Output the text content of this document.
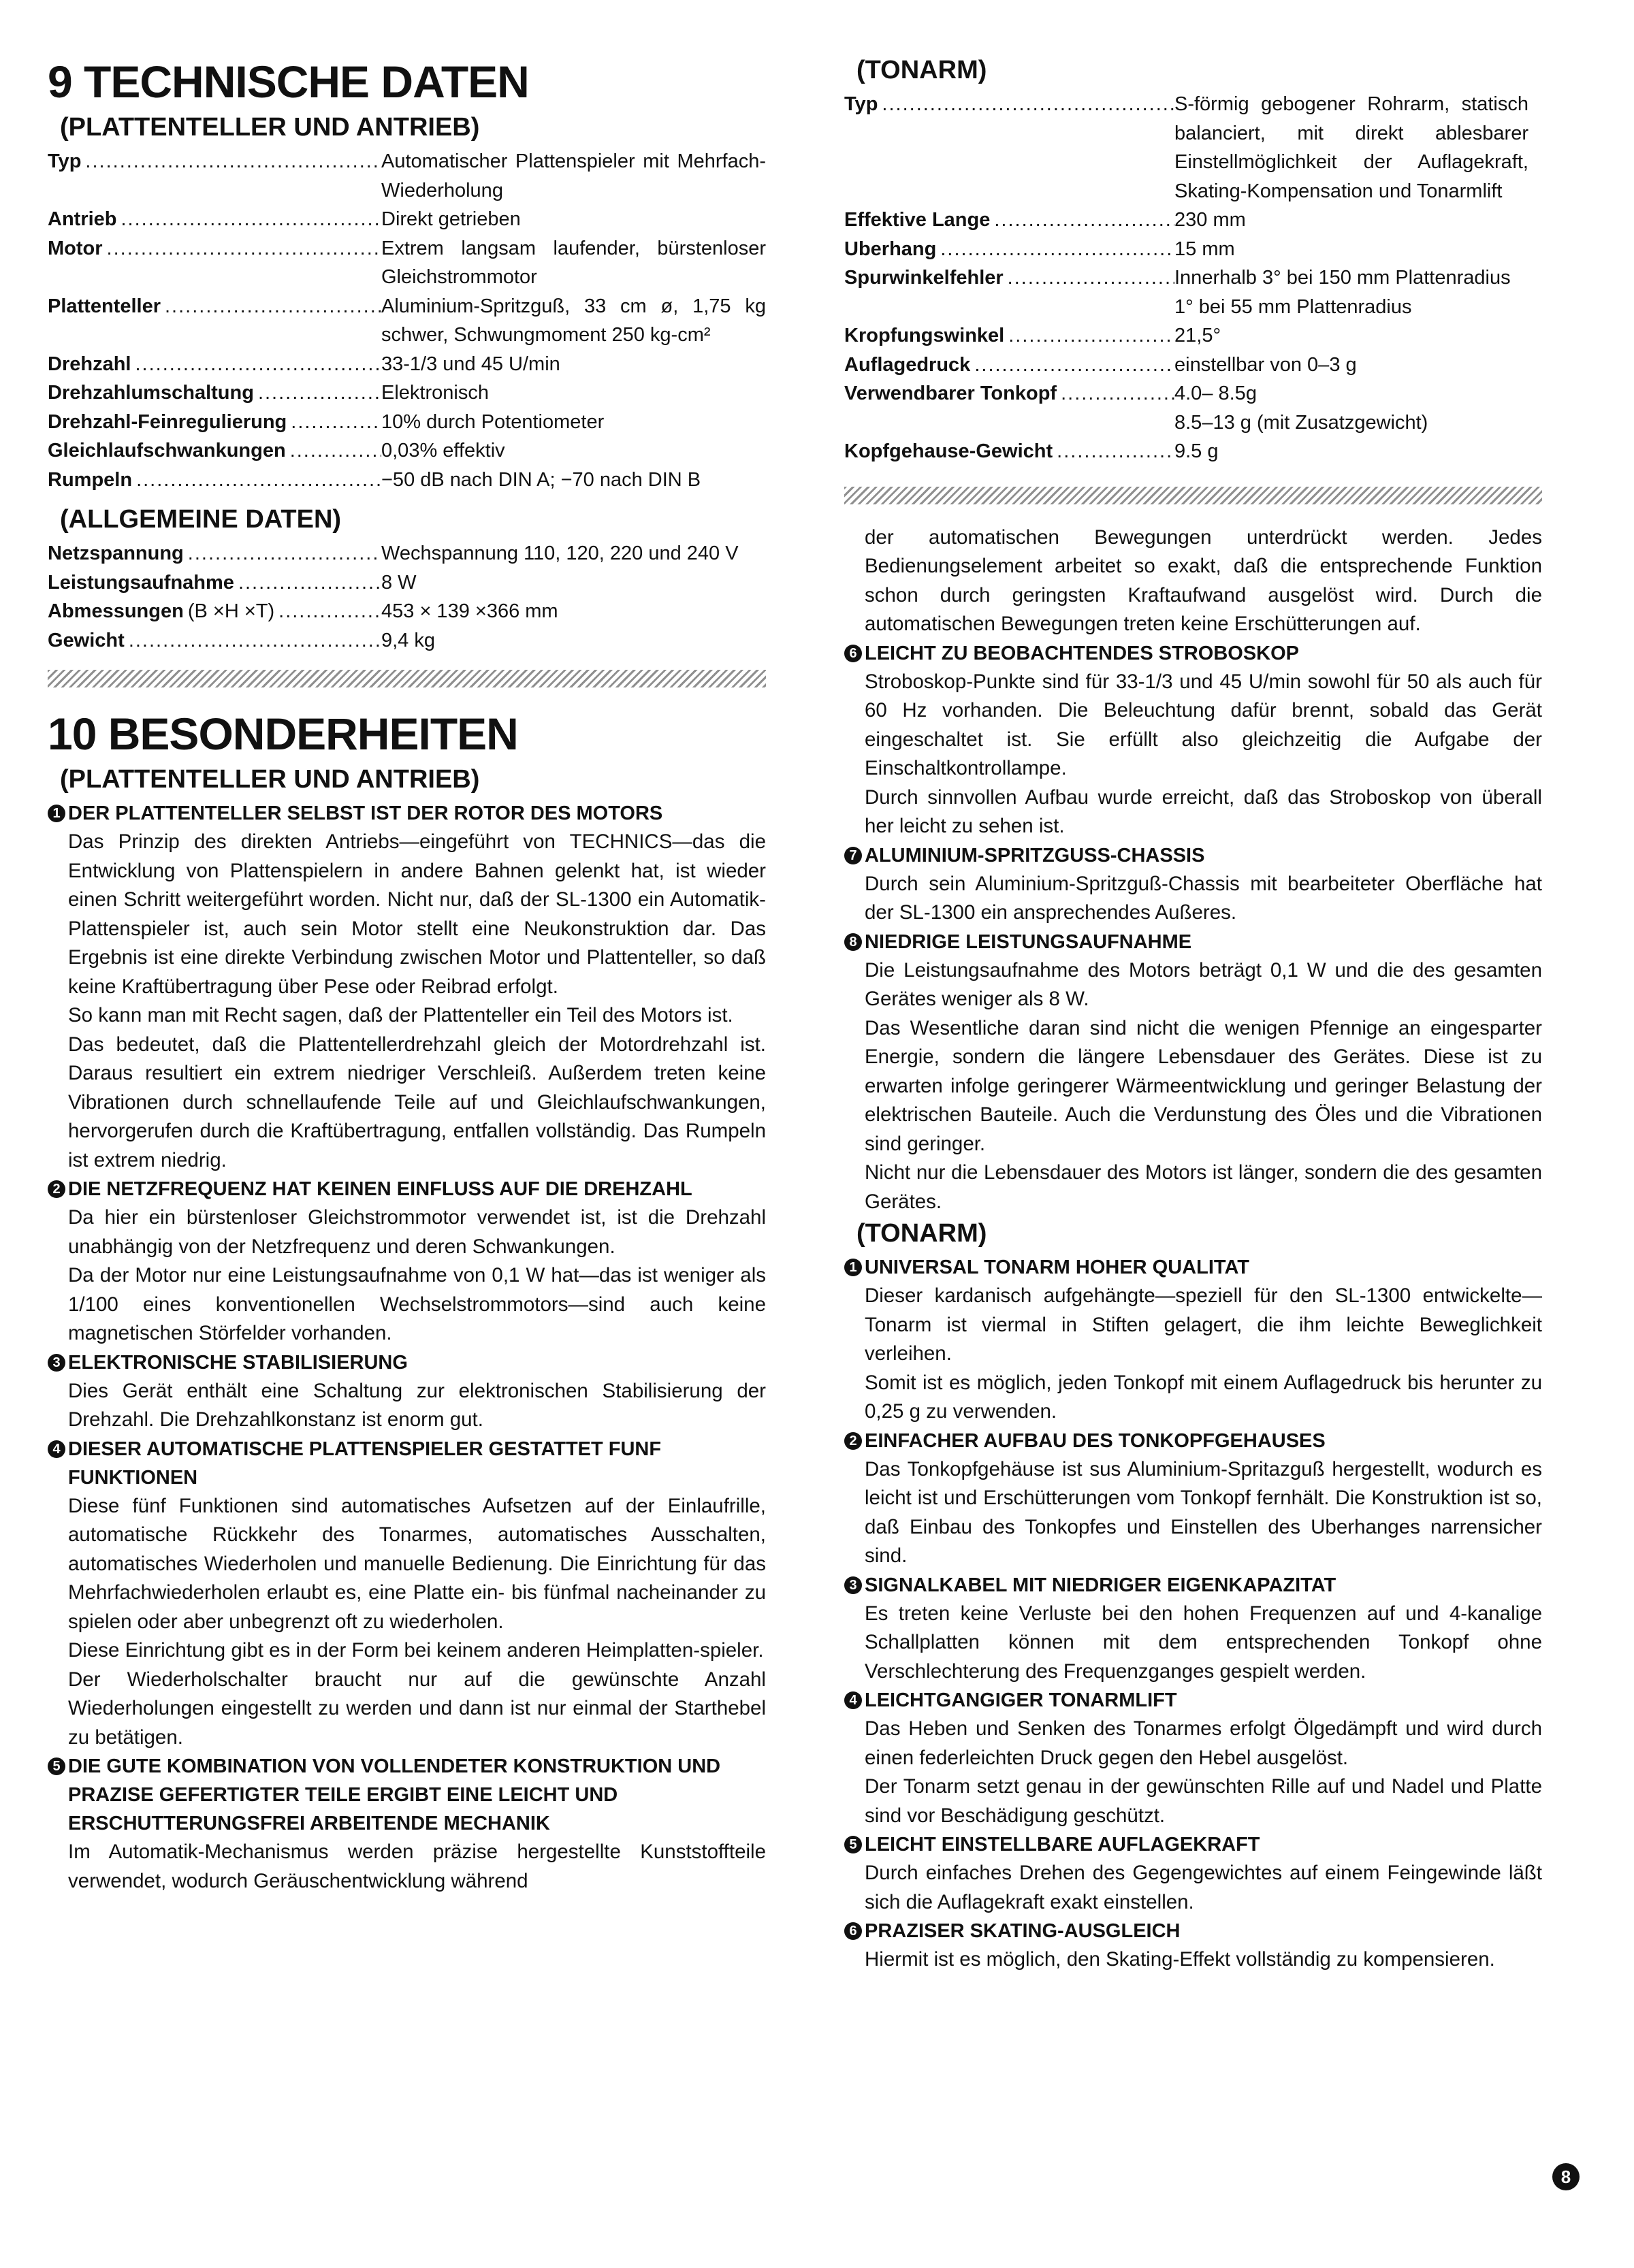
9 TECHNISCHE DATEN
(PLATTENTELLER UND ANTRIEB)
Typ .....	Automatischer Plattenspieler mit Mehrfach-Wiederholung
Antrieb .....	Direkt getrieben
Motor .....	Extrem langsam laufender, bürstenloser Gleichstrommotor
Plattenteller .....	Aluminium-Spritzguß, 33 cm ø, 1,75 kg schwer, Schwungmoment 250 kg-cm²
Drehzahl .....	33-1/3 und 45 U/min
Drehzahlumschaltung .....	Elektronisch
Drehzahl-Feinregulierung .....	10% durch Potentiometer
Gleichlaufschwankungen .....	0,03% effektiv
Rumpeln .....	−50 dB nach DIN A; −70 nach DIN B
(ALLGEMEINE DATEN)
Netzspannung .....	Wechspannung 110, 120, 220 und 240 V
Leistungsaufnahme .....	8 W
Abmessungen (B ×H ×T) .....	453 × 139 ×366 mm
Gewicht .....	9,4 kg
10 BESONDERHEITEN
(PLATTENTELLER UND ANTRIEB)
1 DER PLATTENTELLER SELBST IST DER ROTOR DES MOTORS

Das Prinzip des direkten Antriebs—eingeführt von TECHNICS—das die Entwicklung von Plattenspielern in andere Bahnen gelenkt hat, ist wieder einen Schritt weitergeführt worden. Nicht nur, daß der SL-1300 ein Automatik-Plattenspieler ist, auch sein Motor stellt eine Neukonstruktion dar. Das Ergebnis ist eine direkte Verbindung zwischen Motor und Plattenteller, so daß keine Kraftübertragung über Pese oder Reibrad erfolgt.

So kann man mit Recht sagen, daß der Plattenteller ein Teil des Motors ist.

Das bedeutet, daß die Plattentellerdrehzahl gleich der Motordrehzahl ist. Daraus resultiert ein extrem niedriger Verschleiß. Außerdem treten keine Vibrationen durch schnellaufende Teile auf und Gleichlaufschwankungen, hervorgerufen durch die Kraftübertragung, entfallen vollständig. Das Rumpeln ist extrem niedrig.

2 DIE NETZFREQUENZ HAT KEINEN EINFLUSS AUF DIE DREHZAHL

Da hier ein bürstenloser Gleichstrommotor verwendet ist, ist die Drehzahl unabhängig von der Netzfrequenz und deren Schwankungen.

Da der Motor nur eine Leistungsaufnahme von 0,1 W hat—das ist weniger als 1/100 eines konventionellen Wechselstrommotors—sind auch keine magnetischen Störfelder vorhanden.

3 ELEKTRONISCHE STABILISIERUNG

Dies Gerät enthält eine Schaltung zur elektronischen Stabilisierung der Drehzahl. Die Drehzahlkonstanz ist enorm gut.

4 DIESER AUTOMATISCHE PLATTENSPIELER GESTATTET FUNF FUNKTIONEN

Diese fünf Funktionen sind automatisches Aufsetzen auf der Einlaufrille, automatische Rückkehr des Tonarmes, automatisches Ausschalten, automatisches Wiederholen und manuelle Bedienung. Die Einrichtung für das Mehrfachwiederholen erlaubt es, eine Platte ein- bis fünfmal nacheinander zu spielen oder aber unbegrenzt oft zu wiederholen.

Diese Einrichtung gibt es in der Form bei keinem anderen Heimplatten-spieler.

Der Wiederholschalter braucht nur auf die gewünschte Anzahl Wiederholungen eingestellt zu werden und dann ist nur einmal der Starthebel zu betätigen.

5 DIE GUTE KOMBINATION VON VOLLENDETER KONSTRUKTION UND PRAZISE GEFERTIGTER TEILE ERGIBT EINE LEICHT UND ERSCHUTTERUNGSFREI ARBEITENDE MECHANIK

Im Automatik-Mechanismus werden präzise hergestellte Kunststoffteile verwendet, wodurch Geräuschentwicklung während

(TONARM)
Typ .....	S-förmig gebogener Rohrarm, statisch balanciert, mit direkt ablesbarer Einstellmöglichkeit der Auflagekraft, Skating-Kompensation und Tonarmlift
Effektive Lange .....	230 mm
Uberhang .....	15 mm
Spurwinkelfehler .....	Innerhalb 3° bei 150 mm Plattenradius
1° bei 55 mm Plattenradius
Kropfungswinkel .....	21,5°
Auflagedruck .....	einstellbar von 0–3 g
Verwendbarer Tonkopf .....	4.0– 8.5g
8.5–13 g (mit Zusatzgewicht)
Kopfgehause-Gewicht .....	9.5 g

der automatischen Bewegungen unterdrückt werden. Jedes Bedienungselement arbeitet so exakt, daß die entsprechende Funktion schon durch geringsten Kraftaufwand ausgelöst wird. Durch die automatischen Bewegungen treten keine Erschütterungen auf.

6 LEICHT ZU BEOBACHTENDES STROBOSKOP

Stroboskop-Punkte sind für 33-1/3 und 45 U/min sowohl für 50 als auch für 60 Hz vorhanden. Die Beleuchtung dafür brennt, sobald das Gerät eingeschaltet ist. Sie erfüllt also gleichzeitig die Aufgabe der Einschaltkontrollampe.

Durch sinnvollen Aufbau wurde erreicht, daß das Stroboskop von überall her leicht zu sehen ist.

7 ALUMINIUM-SPRITZGUSS-CHASSIS

Durch sein Aluminium-Spritzguß-Chassis mit bearbeiteter Oberfläche hat der SL-1300 ein ansprechendes Außeres.

8 NIEDRIGE LEISTUNGSAUFNAHME

Die Leistungsaufnahme des Motors beträgt 0,1 W und die des gesamten Gerätes weniger als 8 W.

Das Wesentliche daran sind nicht die wenigen Pfennige an eingesparter Energie, sondern die längere Lebensdauer des Gerätes. Diese ist zu erwarten infolge geringerer Wärmeentwicklung und geringer Belastung der elektrischen Bauteile. Auch die Verdunstung des Öles und die Vibrationen sind geringer.

Nicht nur die Lebensdauer des Motors ist länger, sondern die des gesamten Gerätes.

(TONARM)
1 UNIVERSAL TONARM HOHER QUALITAT

Dieser kardanisch aufgehängte—speziell für den SL-1300 entwickelte—Tonarm ist viermal in Stiften gelagert, die ihm leichte Beweglichkeit verleihen.

Somit ist es möglich, jeden Tonkopf mit einem Auflagedruck bis herunter zu 0,25 g zu verwenden.

2 EINFACHER AUFBAU DES TONKOPFGEHAUSES

Das Tonkopfgehäuse ist sus Aluminium-Spritazguß hergestellt, wodurch es leicht ist und Erschütterungen vom Tonkopf fernhält. Die Konstruktion ist so, daß Einbau des Tonkopfes und Einstellen des Uberhanges narrensicher sind.

3 SIGNALKABEL MIT NIEDRIGER EIGENKAPAZITAT

Es treten keine Verluste bei den hohen Frequenzen auf und 4-kanalige Schallplatten können mit dem entsprechenden Tonkopf ohne Verschlechterung des Frequenzganges gespielt werden.

4 LEICHTGANGIGER TONARMLIFT

Das Heben und Senken des Tonarmes erfolgt Ölgedämpft und wird durch einen federleichten Druck gegen den Hebel ausgelöst.

Der Tonarm setzt genau in der gewünschten Rille auf und Nadel und Platte sind vor Beschädigung geschützt.

5 LEICHT EINSTELLBARE AUFLAGEKRAFT

Durch einfaches Drehen des Gegengewichtes auf einem Feingewinde läßt sich die Auflagekraft exakt einstellen.

6 PRAZISER SKATING-AUSGLEICH

Hiermit ist es möglich, den Skating-Effekt vollständig zu kompensieren.

8
